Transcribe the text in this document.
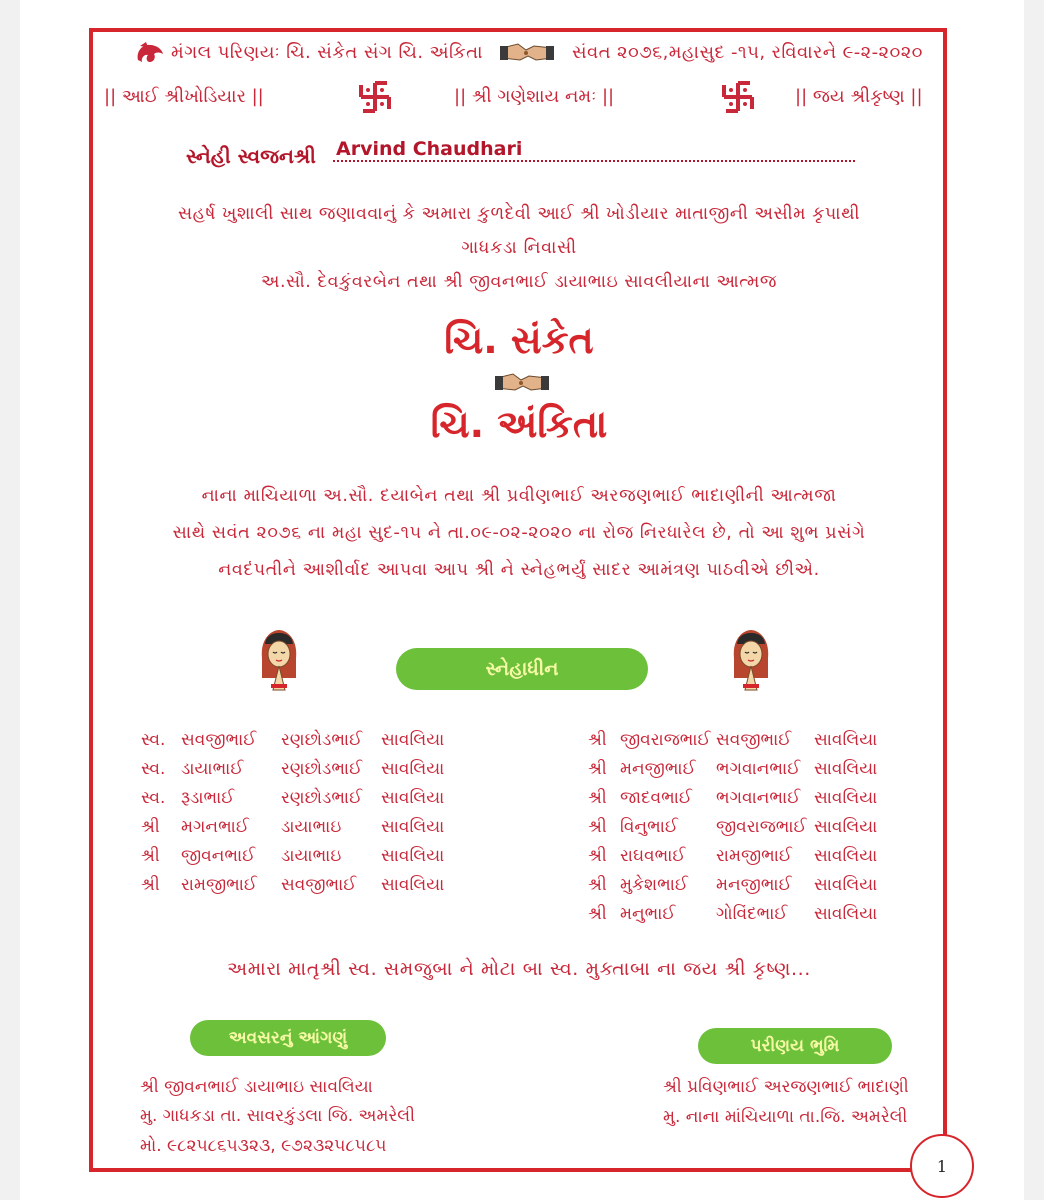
મંગલ પરિણયઃ ચિ. સંકેત સંગ ચિ. અંકિતા	સંવત ૨૦૭૬,મહાસુદ -૧૫, રવિવારને ૯-૨-૨૦૨૦
|| આઈ શ્રીખોડિયાર ||	|| શ્રી ગણેશાય નમઃ ||	|| જય શ્રીકૃષ્ણ ||
સ્નેહી સ્વજનશ્રી Arvind Chaudhari
સહર્ષ ખુશાલી સાથ જણાવવાનું કે અમારા કુળદેવી આઈ શ્રી ખોડીયાર માતાજીની અસીમ કૃપાથી
ગાધકડા નિવાસી
અ.સૌ. દેવકુંવરબેન તથા શ્રી જીવનભાઈ ડાયાભાઇ સાવલીયાના આત્મજ
ચિ. સંકેત
ચિ. અંકિતા
નાના માચિયાળા અ.સૌ. દયાબેન તથા શ્રી પ્રવીણભાઈ અરજણભાઈ ભાદાણીની આત્મજા
સાથે સવંત ૨૦૭૬ ના મહા સુદ-૧૫ ને તા.૦૯-૦૨-૨૦૨૦ ના રોજ નિરધારેલ છે, તો આ શુભ પ્રસંગે
નવદંપતીને આશીર્વાદ આપવા આપ શ્રી ને સ્નેહભર્યું સાદર આમંત્રણ પાઠવીએ છીએ.
સ્નેહાધીન
સ્વ. સવજીભાઈ	રણછોડભાઈ	સાવલિયા
સ્વ. ડાયાભાઈ	રણછોડભાઈ	સાવલિયા
સ્વ. રૂડાભાઈ	રણછોડભાઈ	સાવલિયા
શ્રી	મગનભાઈ	ડાયાભાઇ	સાવલિયા
શ્રી	જીવનભાઈ	ડાયાભાઇ	સાવલિયા
શ્રી	રામજીભાઈ	સવજીભાઈ	સાવલિયા
શ્રી જીવરાજભાઈ સવજીભાઈ	સાવલિયા
શ્રી મનજીભાઈ	ભગવાનભાઈ સાવલિયા
શ્રી જાદવભાઈ	ભગવાનભાઈ સાવલિયા
શ્રી વિનુભાઈ	જીવરાજભાઈ સાવલિયા
શ્રી રાઘવભાઈ	રામજીભાઈ	સાવલિયા
શ્રી મુકેશભાઈ	મનજીભાઈ	સાવલિયા
શ્રી મનુભાઈ	ગોવિંદભાઈ	સાવલિયા
અમારા માતૃશ્રી સ્વ. સમજુબા ને મોટા બા સ્વ. મુક્તાબા ના જય શ્રી કૃષ્ણ...
અવસરનું આંગણું
શ્રી જીવનભાઈ ડાયાભાઇ સાવલિયા
મુ. ગાધકડા તા. સાવરકુંડલા જિ. અમરેલી
મો. ૯૮૨૫૮૬૫૩૨૩, ૯૭૨૩૨૫૮૫૮૫
પરીણય ભુમિ
શ્રી પ્રવિણભાઈ અરજણભાઈ ભાદાણી
મુ. નાના માંચિયાળા તા.જિ. અમરેલી
1
